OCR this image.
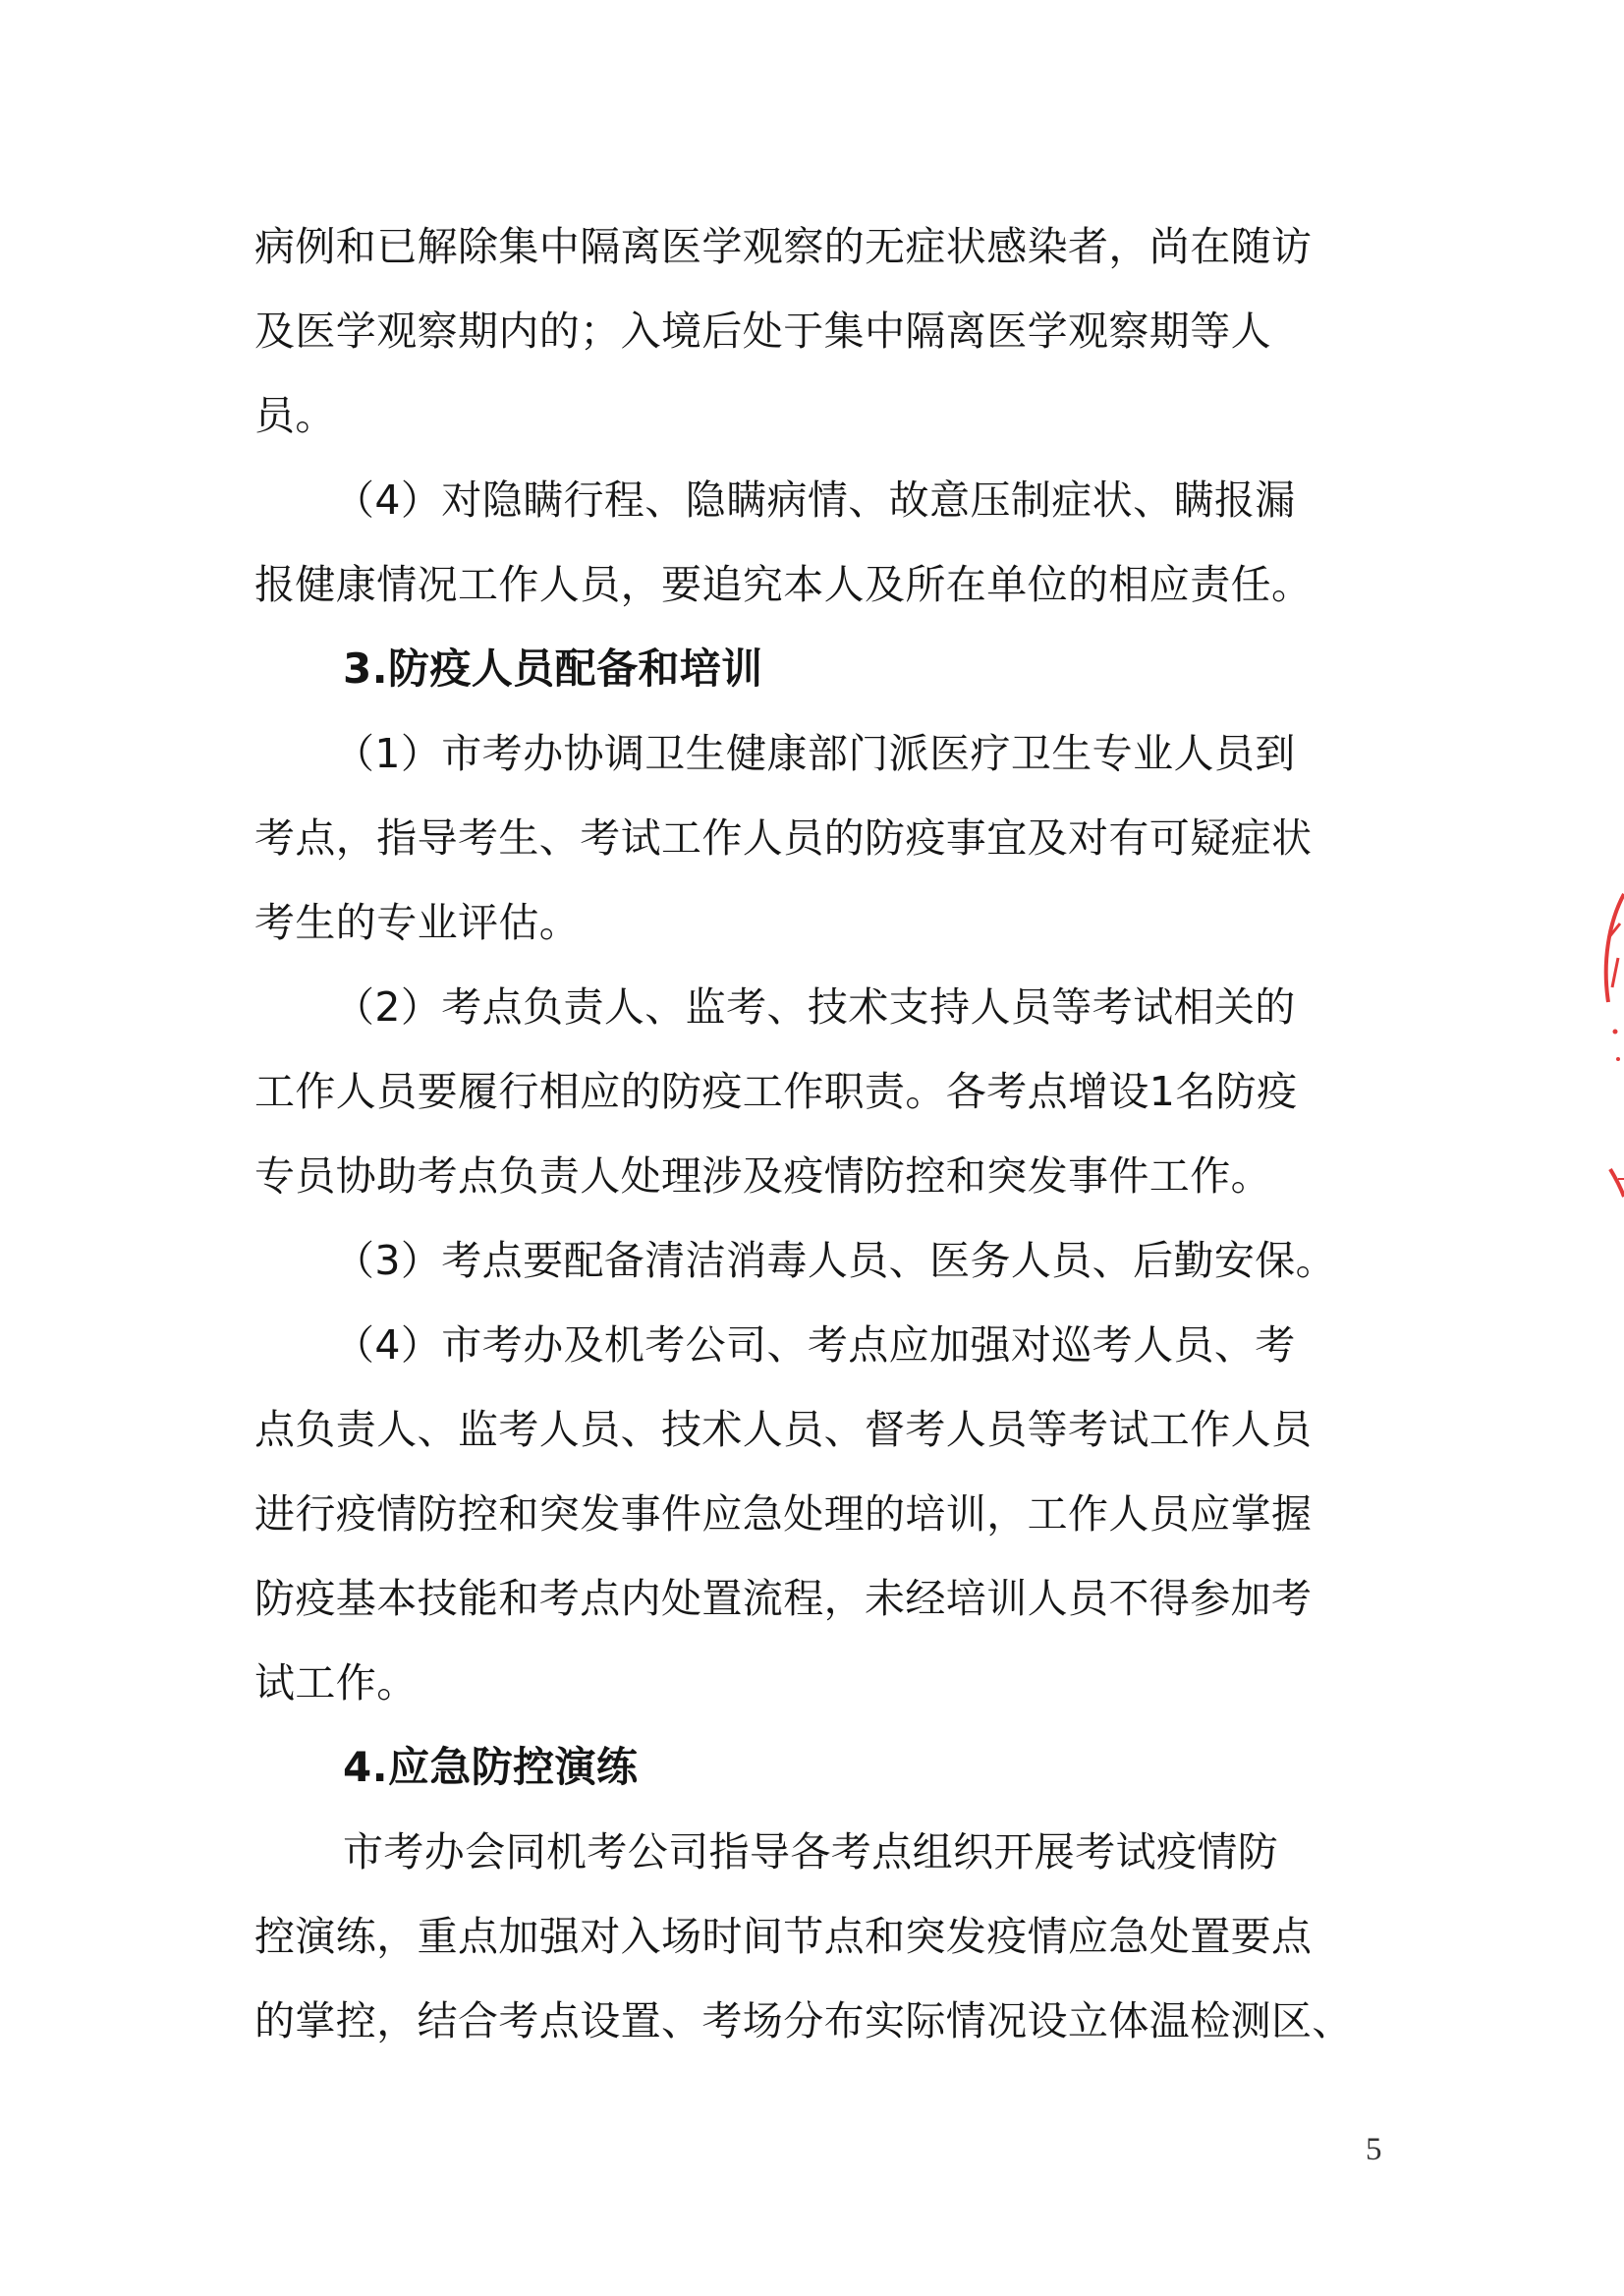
病例和已解除集中隔离医学观察的无症状感染者，尚在随访
及医学观察期内的；入境后处于集中隔离医学观察期等人
员。
（4）对隐瞒行程、隐瞒病情、故意压制症状、瞒报漏
报健康情况工作人员，要追究本人及所在单位的相应责任。
3.防疫人员配备和培训
（1）市考办协调卫生健康部门派医疗卫生专业人员到
考点，指导考生、考试工作人员的防疫事宜及对有可疑症状
考生的专业评估。
（2）考点负责人、监考、技术支持人员等考试相关的
工作人员要履行相应的防疫工作职责。各考点增设1名防疫
专员协助考点负责人处理涉及疫情防控和突发事件工作。
（3）考点要配备清洁消毒人员、医务人员、后勤安保。
（4）市考办及机考公司、考点应加强对巡考人员、考
点负责人、监考人员、技术人员、督考人员等考试工作人员
进行疫情防控和突发事件应急处理的培训，工作人员应掌握
防疫基本技能和考点内处置流程，未经培训人员不得参加考
试工作。
4.应急防控演练
市考办会同机考公司指导各考点组织开展考试疫情防
控演练，重点加强对入场时间节点和突发疫情应急处置要点
的掌控，结合考点设置、考场分布实际情况设立体温检测区、
5
